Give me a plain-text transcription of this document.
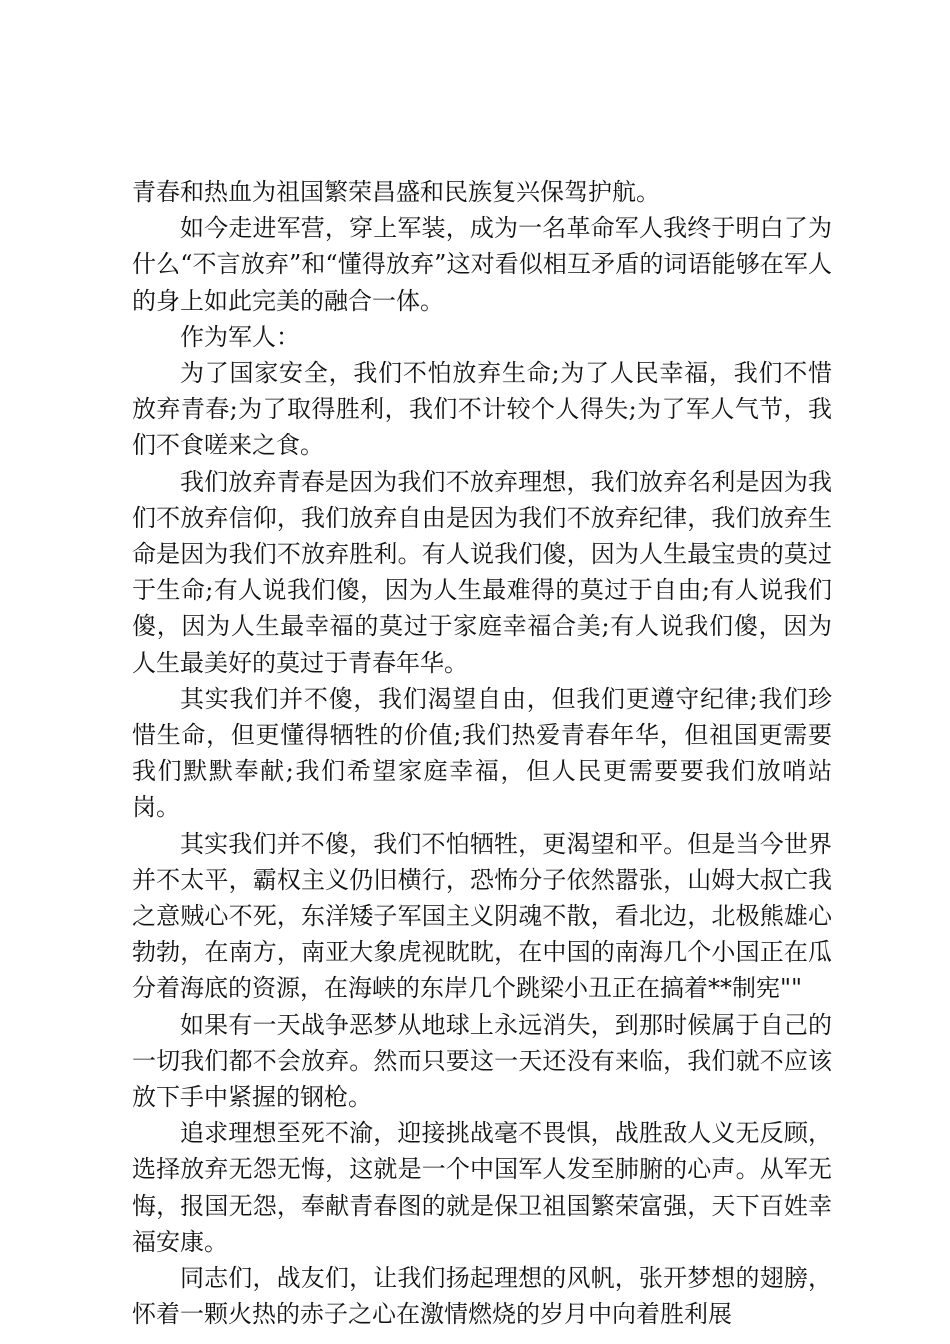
青春和热血为祖国繁荣昌盛和民族复兴保驾护航。

如今走进军营，穿上军装，成为一名革命军人我终于明白了为什么“不言放弃”和“懂得放弃”这对看似相互矛盾的词语能够在军人的身上如此完美的融合一体。

作为军人：

为了国家安全，我们不怕放弃生命;为了人民幸福，我们不惜放弃青春;为了取得胜利，我们不计较个人得失;为了军人气节，我们不食嗟来之食。

我们放弃青春是因为我们不放弃理想，我们放弃名利是因为我们不放弃信仰，我们放弃自由是因为我们不放弃纪律，我们放弃生命是因为我们不放弃胜利。有人说我们傻，因为人生最宝贵的莫过于生命;有人说我们傻，因为人生最难得的莫过于自由;有人说我们傻，因为人生最幸福的莫过于家庭幸福合美;有人说我们傻，因为人生最美好的莫过于青春年华。

其实我们并不傻，我们渴望自由，但我们更遵守纪律;我们珍惜生命，但更懂得牺牲的价值;我们热爱青春年华，但祖国更需要我们默默奉献;我们希望家庭幸福，但人民更需要要我们放哨站岗。

其实我们并不傻，我们不怕牺牲，更渴望和平。但是当今世界并不太平，霸权主义仍旧横行，恐怖分子依然嚣张，山姆大叔亡我之意贼心不死，东洋矮子军国主义阴魂不散，看北边，北极熊雄心勃勃，在南方，南亚大象虎视眈眈，在中国的南海几个小国正在瓜分着海底的资源，在海峡的东岸几个跳梁小丑正在搞着**制宪""

如果有一天战争恶梦从地球上永远消失，到那时候属于自己的一切我们都不会放弃。然而只要这一天还没有来临，我们就不应该放下手中紧握的钢枪。

追求理想至死不渝，迎接挑战毫不畏惧，战胜敌人义无反顾，选择放弃无怨无悔，这就是一个中国军人发至肺腑的心声。从军无悔，报国无怨，奉献青春图的就是保卫祖国繁荣富强，天下百姓幸福安康。

同志们，战友们，让我们扬起理想的风帆，张开梦想的翅膀，怀着一颗火热的赤子之心在激情燃烧的岁月中向着胜利展
